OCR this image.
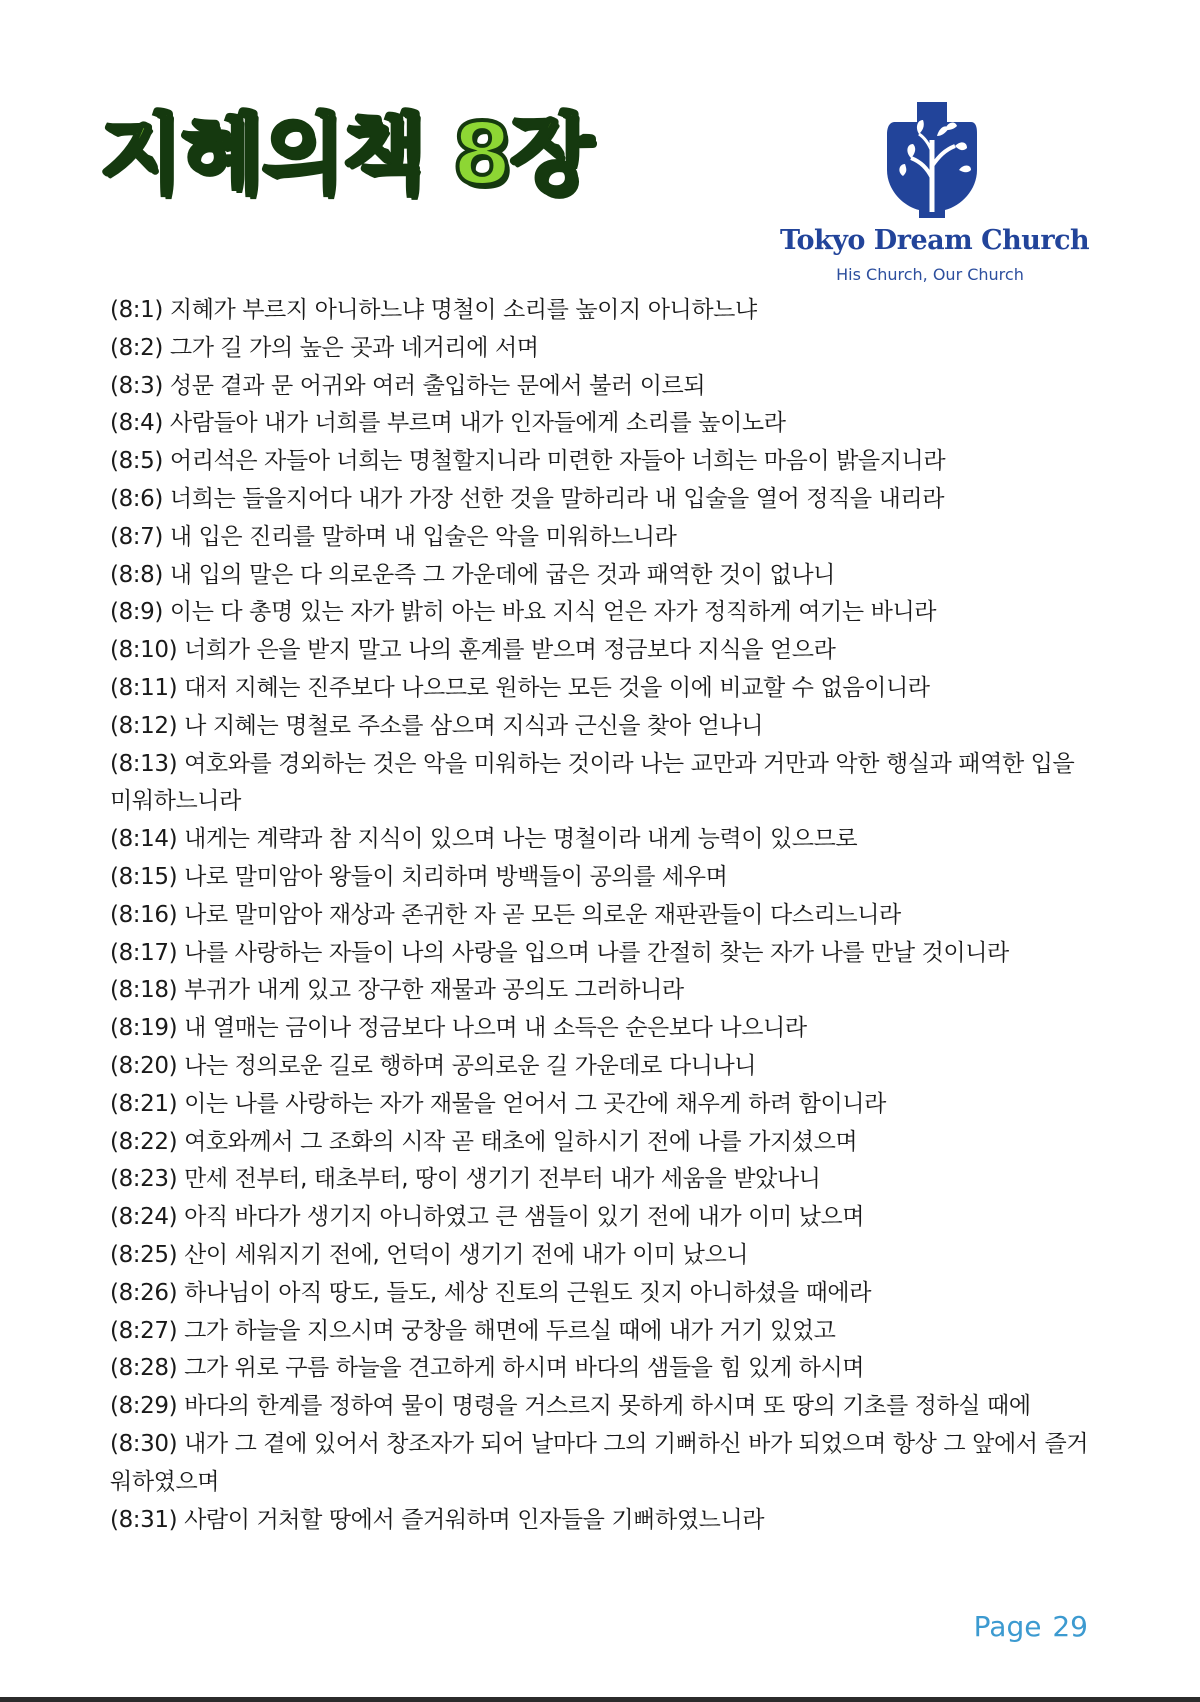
지혜의책 8장
Tokyo Dream Church
His Church, Our Church
(8:1) 지혜가 부르지 아니하느냐 명철이 소리를 높이지 아니하느냐
(8:2) 그가 길 가의 높은 곳과 네거리에 서며
(8:3) 성문 곁과 문 어귀와 여러 출입하는 문에서 불러 이르되
(8:4) 사람들아 내가 너희를 부르며 내가 인자들에게 소리를 높이노라
(8:5) 어리석은 자들아 너희는 명철할지니라 미련한 자들아 너희는 마음이 밝을지니라
(8:6) 너희는 들을지어다 내가 가장 선한 것을 말하리라 내 입술을 열어 정직을 내리라
(8:7) 내 입은 진리를 말하며 내 입술은 악을 미워하느니라
(8:8) 내 입의 말은 다 의로운즉 그 가운데에 굽은 것과 패역한 것이 없나니
(8:9) 이는 다 총명 있는 자가 밝히 아는 바요 지식 얻은 자가 정직하게 여기는 바니라
(8:10) 너희가 은을 받지 말고 나의 훈계를 받으며 정금보다 지식을 얻으라
(8:11) 대저 지혜는 진주보다 나으므로 원하는 모든 것을 이에 비교할 수 없음이니라
(8:12) 나 지혜는 명철로 주소를 삼으며 지식과 근신을 찾아 얻나니
(8:13) 여호와를 경외하는 것은 악을 미워하는 것이라 나는 교만과 거만과 악한 행실과 패역한 입을 미워하느니라
(8:14) 내게는 계략과 참 지식이 있으며 나는 명철이라 내게 능력이 있으므로
(8:15) 나로 말미암아 왕들이 치리하며 방백들이 공의를 세우며
(8:16) 나로 말미암아 재상과 존귀한 자 곧 모든 의로운 재판관들이 다스리느니라
(8:17) 나를 사랑하는 자들이 나의 사랑을 입으며 나를 간절히 찾는 자가 나를 만날 것이니라
(8:18) 부귀가 내게 있고 장구한 재물과 공의도 그러하니라
(8:19) 내 열매는 금이나 정금보다 나으며 내 소득은 순은보다 나으니라
(8:20) 나는 정의로운 길로 행하며 공의로운 길 가운데로 다니나니
(8:21) 이는 나를 사랑하는 자가 재물을 얻어서 그 곳간에 채우게 하려 함이니라
(8:22) 여호와께서 그 조화의 시작 곧 태초에 일하시기 전에 나를 가지셨으며
(8:23) 만세 전부터, 태초부터, 땅이 생기기 전부터 내가 세움을 받았나니
(8:24) 아직 바다가 생기지 아니하였고 큰 샘들이 있기 전에 내가 이미 났으며
(8:25) 산이 세워지기 전에, 언덕이 생기기 전에 내가 이미 났으니
(8:26) 하나님이 아직 땅도, 들도, 세상 진토의 근원도 짓지 아니하셨을 때에라
(8:27) 그가 하늘을 지으시며 궁창을 해면에 두르실 때에 내가 거기 있었고
(8:28) 그가 위로 구름 하늘을 견고하게 하시며 바다의 샘들을 힘 있게 하시며
(8:29) 바다의 한계를 정하여 물이 명령을 거스르지 못하게 하시며 또 땅의 기초를 정하실 때에
(8:30) 내가 그 곁에 있어서 창조자가 되어 날마다 그의 기뻐하신 바가 되었으며 항상 그 앞에서 즐거워하였으며
(8:31) 사람이 거처할 땅에서 즐거워하며 인자들을 기뻐하였느니라
Page 29
